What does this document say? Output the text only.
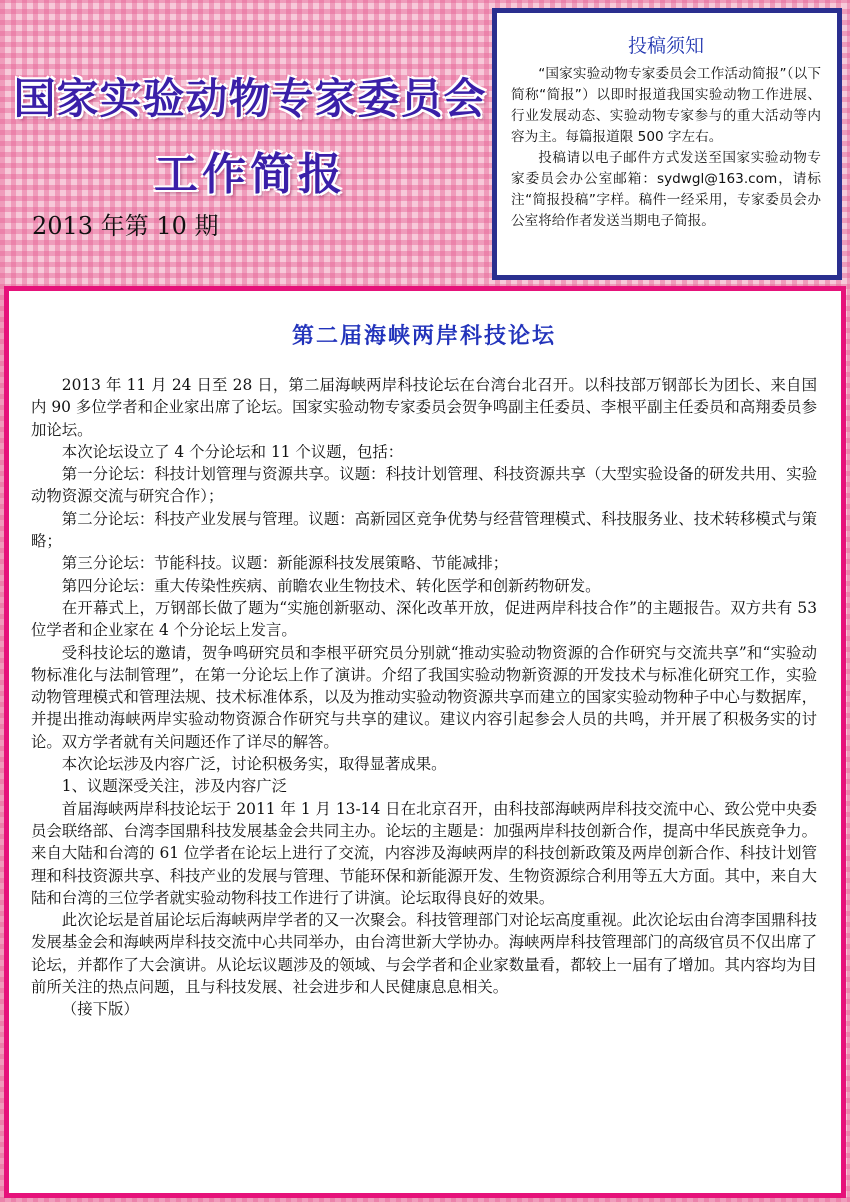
国家实验动物专家委员会
工作简报
2013 年第 10 期
投稿须知

“国家实验动物专家委员会工作活动简报”（以下简称“简报”）以即时报道我国实验动物工作进展、行业发展动态、实验动物专家参与的重大活动等内容为主。每篇报道限 500 字左右。

投稿请以电子邮件方式发送至国家实验动物专家委员会办公室邮箱：sydwgl@163.com，请标注“简报投稿”字样。稿件一经采用，专家委员会办公室将给作者发送当期电子简报。

第二届海峡两岸科技论坛

2013 年 11 月 24 日至 28 日，第二届海峡两岸科技论坛在台湾台北召开。以科技部万钢部长为团长、来自国内 90 多位学者和企业家出席了论坛。国家实验动物专家委员会贺争鸣副主任委员、李根平副主任委员和高翔委员参加论坛。

本次论坛设立了 4 个分论坛和 11 个议题，包括：

第一分论坛：科技计划管理与资源共享。议题：科技计划管理、科技资源共享（大型实验设备的研发共用、实验动物资源交流与研究合作）；

第二分论坛：科技产业发展与管理。议题：高新园区竞争优势与经营管理模式、科技服务业、技术转移模式与策略；

第三分论坛：节能科技。议题：新能源科技发展策略、节能减排；

第四分论坛：重大传染性疾病、前瞻农业生物技术、转化医学和创新药物研发。

在开幕式上，万钢部长做了题为“实施创新驱动、深化改革开放，促进两岸科技合作”的主题报告。双方共有 53 位学者和企业家在 4 个分论坛上发言。

受科技论坛的邀请，贺争鸣研究员和李根平研究员分别就“推动实验动物资源的合作研究与交流共享”和“实验动物标准化与法制管理”，在第一分论坛上作了演讲。介绍了我国实验动物新资源的开发技术与标准化研究工作，实验动物管理模式和管理法规、技术标准体系，以及为推动实验动物资源共享而建立的国家实验动物种子中心与数据库，并提出推动海峡两岸实验动物资源合作研究与共享的建议。建议内容引起参会人员的共鸣，并开展了积极务实的讨论。双方学者就有关问题还作了详尽的解答。

本次论坛涉及内容广泛，讨论积极务实，取得显著成果。

1、议题深受关注，涉及内容广泛

首届海峡两岸科技论坛于 2011 年 1 月 13-14 日在北京召开，由科技部海峡两岸科技交流中心、致公党中央委员会联络部、台湾李国鼎科技发展基金会共同主办。论坛的主题是：加强两岸科技创新合作，提高中华民族竞争力。来自大陆和台湾的 61 位学者在论坛上进行了交流，内容涉及海峡两岸的科技创新政策及两岸创新合作、科技计划管理和科技资源共享、科技产业的发展与管理、节能环保和新能源开发、生物资源综合利用等五大方面。其中，来自大陆和台湾的三位学者就实验动物科技工作进行了讲演。论坛取得良好的效果。

此次论坛是首届论坛后海峡两岸学者的又一次聚会。科技管理部门对论坛高度重视。此次论坛由台湾李国鼎科技发展基金会和海峡两岸科技交流中心共同举办，由台湾世新大学协办。海峡两岸科技管理部门的高级官员不仅出席了论坛，并都作了大会演讲。从论坛议题涉及的领域、与会学者和企业家数量看，都较上一届有了增加。其内容均为目前所关注的热点问题，且与科技发展、社会进步和人民健康息息相关。

（接下版）
